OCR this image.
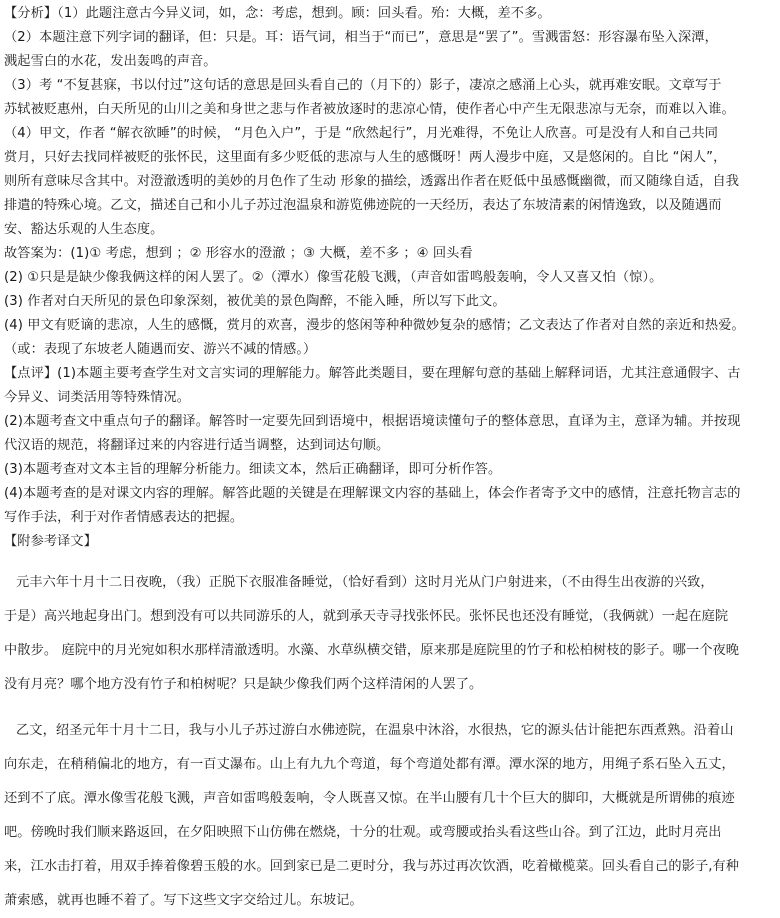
【分析】（1）此题注意古今异义词，如，念：考虑，想到。顾：回头看。殆：大概，差不多。
（2）本题注意下列字词的翻译，但：只是。耳：语气词，相当于“而已”，意思是“罢了”。雪溅雷怒：形容瀑布坠入深潭，
溅起雪白的水花，发出轰鸣的声音。
（3）考 “不复甚寐，书以付过”这句话的意思是回头看自己的（月下的）影子，凄凉之感涌上心头，就再难安眠。文章写于
苏轼被贬惠州，白天所见的山川之美和身世之悲与作者被放逐时的悲凉心情，使作者心中产生无限悲凉与无奈，而难以入谁。
（4）甲文，作者 “解衣欲睡”的时候， “月色入户”，于是 “欣然起行”，月光难得，不免让人欣喜。可是没有人和自己共同
赏月，只好去找同样被贬的张怀民，这里面有多少贬低的悲凉与人生的感慨呀！两人漫步中庭，又是悠闲的。自比 “闲人”，
则所有意味尽含其中。对澄澈透明的美妙的月色作了生动 形象的描绘，透露出作者在贬低中虽感慨幽微，而又随缘自适，自我
排遣的特殊心境。乙文，描述自己和小儿子苏过泡温泉和游览佛迹院的一天经历，表达了东坡清素的闲情逸致，以及随遇而
安、豁达乐观的人生态度。
故答案为：(1)① 考虑，想到 ；② 形容水的澄澈 ；③ 大概，差不多 ；④ 回头看
(2) ①只是是缺少像我俩这样的闲人罢了。②（潭水）像雪花般飞溅，（声音如雷鸣般轰响，令人又喜又怕（惊）。
(3) 作者对白天所见的景色印象深刻，被优美的景色陶醉，不能入睡，所以写下此文。
(4) 甲文有贬谪的悲凉，人生的感慨，赏月的欢喜，漫步的悠闲等种种微妙复杂的感情；乙文表达了作者对自然的亲近和热爱。
（或：表现了东坡老人随遇而安、游兴不减的情感。）
【点评】(1)本题主要考查学生对文言实词的理解能力。解答此类题目，要在理解句意的基础上解释词语，尤其注意通假字、古
今异义、词类活用等特殊情况。
(2)本题考查文中重点句子的翻译。解答时一定要先回到语境中，根据语境读懂句子的整体意思，直译为主，意译为辅。并按现
代汉语的规范，将翻译过来的内容进行适当调整，达到词达句顺。
(3)本题考查对文本主旨的理解分析能力。细读文本，然后正确翻译，即可分析作答。
(4)本题考查的是对课文内容的理解。解答此题的关键是在理解课文内容的基础上，体会作者寄予文中的感情，注意托物言志的
写作手法，利于对作者情感表达的把握。
【附参考译文】
元丰六年十月十二日夜晚，（我）正脱下衣服准备睡觉，（恰好看到）这时月光从门户射进来，（不由得生出夜游的兴致，
于是）高兴地起身出门。想到没有可以共同游乐的人，就到承天寺寻找张怀民。张怀民也还没有睡觉，（我俩就）一起在庭院
中散步。 庭院中的月光宛如积水那样清澈透明。水藻、水草纵横交错，原来那是庭院里的竹子和松柏树枝的影子。哪一个夜晚
没有月亮？哪个地方没有竹子和柏树呢？只是缺少像我们两个这样清闲的人罢了。
乙文，绍圣元年十月十二日，我与小儿子苏过游白水佛迹院，在温泉中沐浴，水很热，它的源头估计能把东西煮熟。沿着山
向东走，在稍稍偏北的地方，有一百丈瀑布。山上有九九个弯道，每个弯道处都有潭。潭水深的地方，用绳子系石坠入五丈，
还到不了底。潭水像雪花般飞溅，声音如雷鸣般轰响，令人既喜又惊。在半山腰有几十个巨大的脚印，大概就是所谓佛的痕迹
吧。傍晚时我们顺来路返回，在夕阳映照下山仿佛在燃烧，十分的壮观。或弯腰或抬头看这些山谷。到了江边，此时月亮出
来，江水击打着，用双手捧着像碧玉般的水。回到家已是二更时分，我与苏过再次饮酒，吃着橄榄菜。回头看自己的影子,有种
萧索感，就再也睡不着了。写下这些文字交给过儿。东坡记。
